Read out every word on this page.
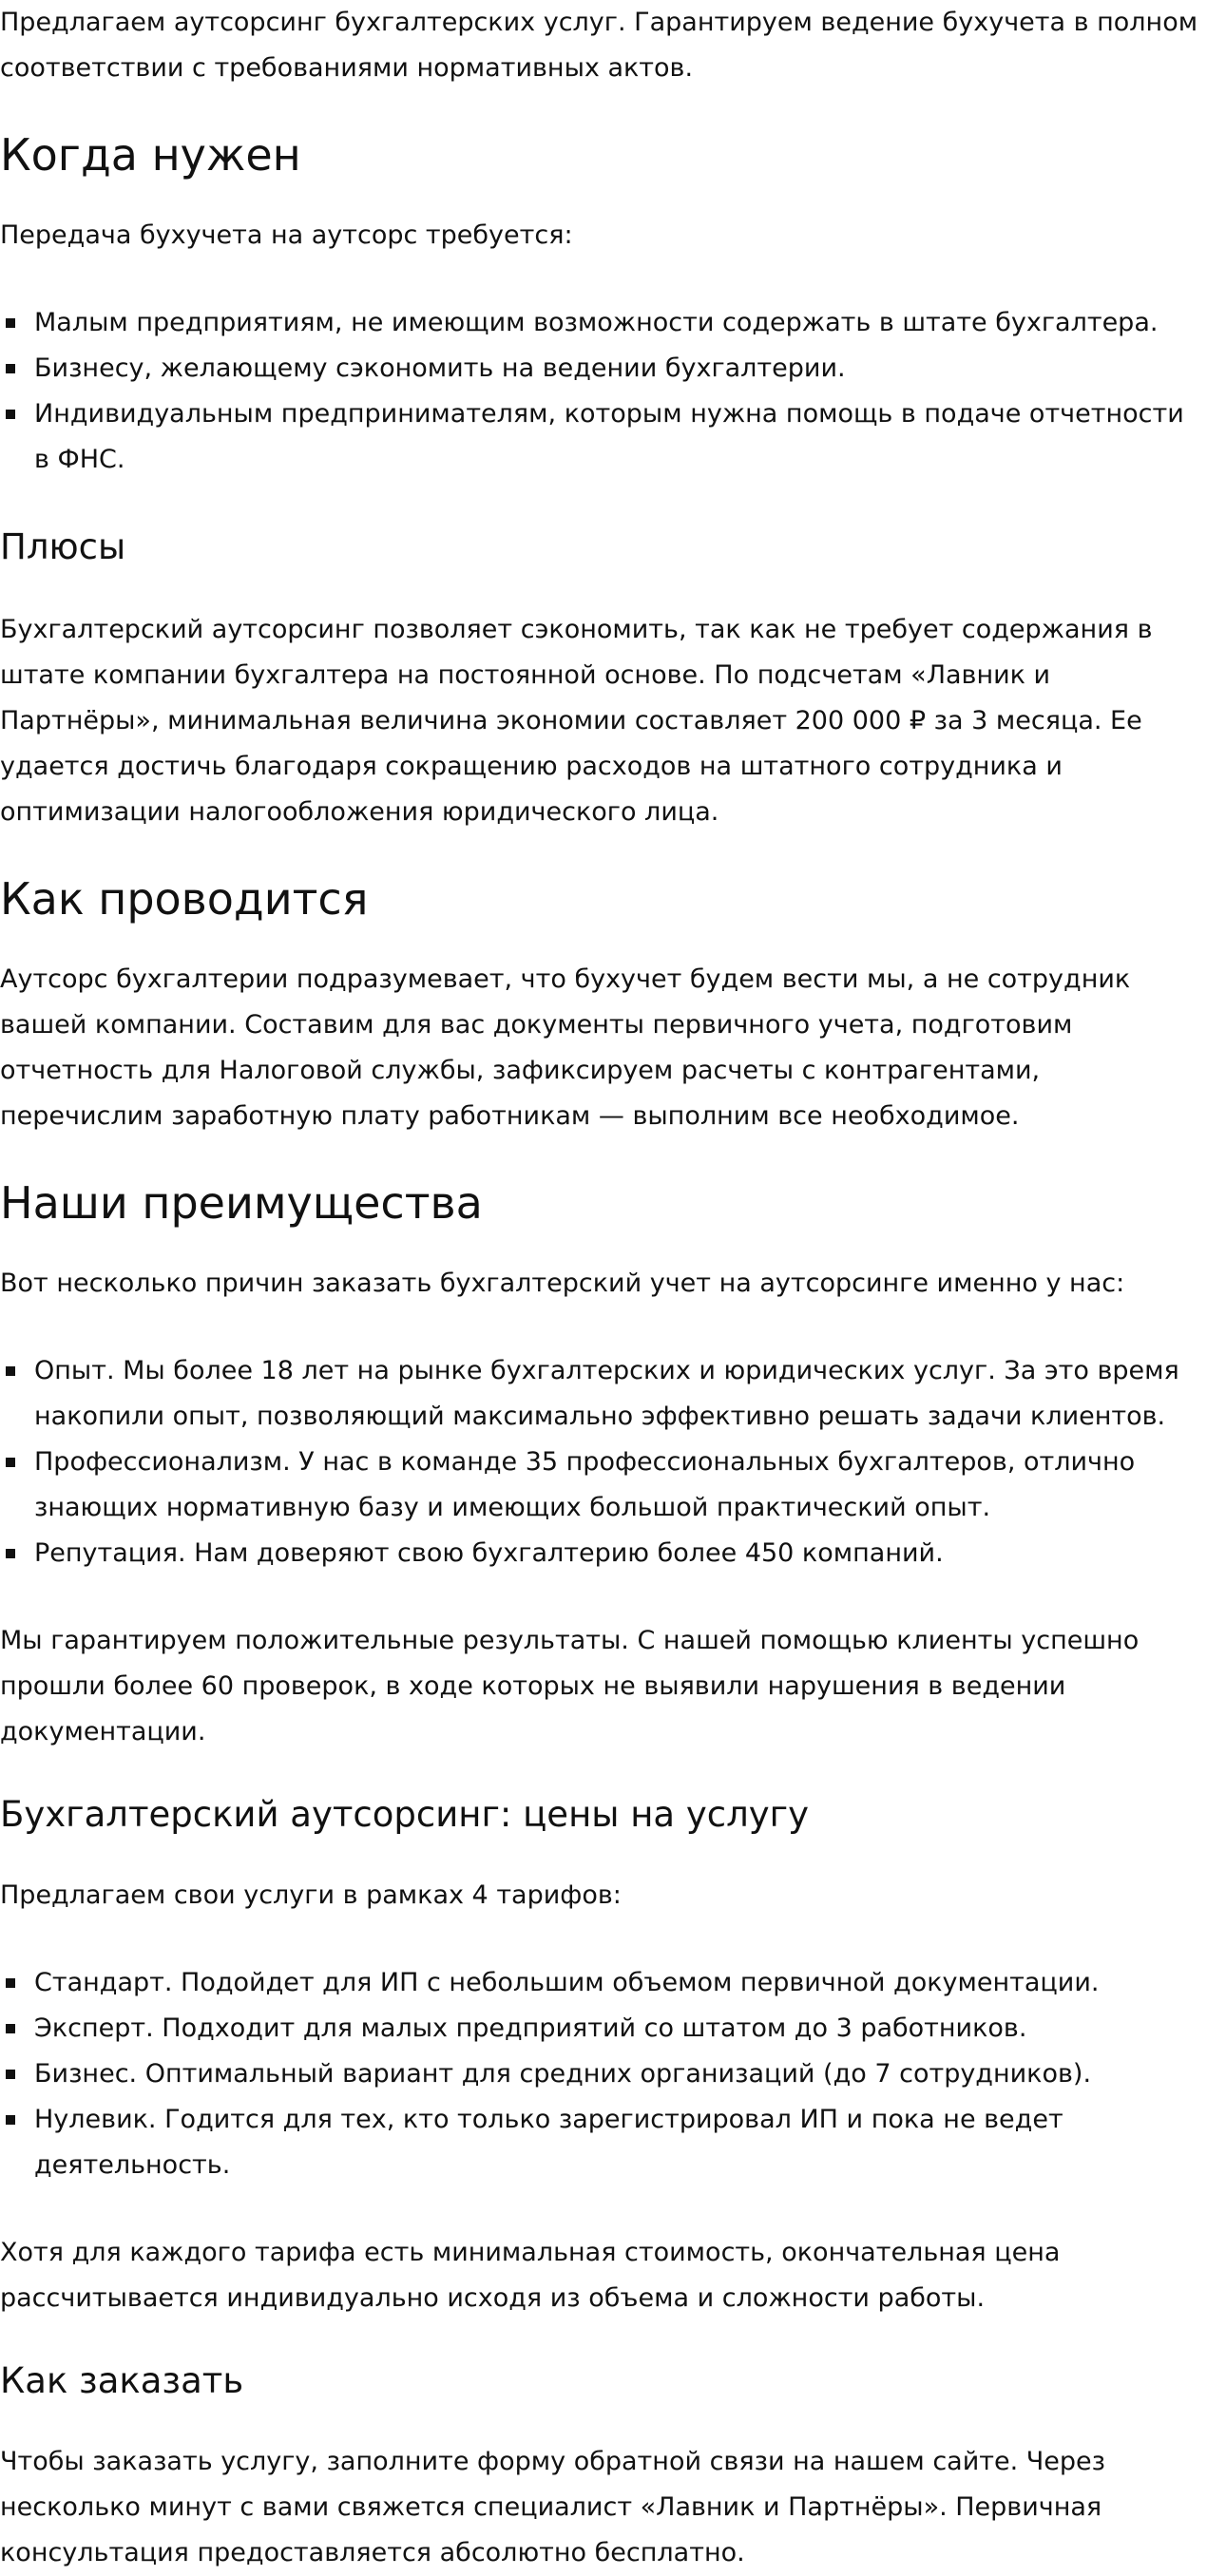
Предлагаем аутсорсинг бухгалтерских услуг. Гарантируем ведение бухучета в полном соответствии с требованиями нормативных актов.

Когда нужен

Передача бухучета на аутсорс требуется:

Малым предприятиям, не имеющим возможности содержать в штате бухгалтера.
Бизнесу, желающему сэкономить на ведении бухгалтерии.
Индивидуальным предпринимателям, которым нужна помощь в подаче отчетности в ФНС.
Плюсы

Бухгалтерский аутсорсинг позволяет сэкономить, так как не требует содержания в штате компании бухгалтера на постоянной основе. По подсчетам «Лавник и Партнёры», минимальная величина экономии составляет 200 000 ₽ за 3 месяца. Ее удается достичь благодаря сокращению расходов на штатного сотрудника и оптимизации налогообложения юридического лица.

Как проводится

Аутсорс бухгалтерии подразумевает, что бухучет будем вести мы, а не сотрудник вашей компании. Составим для вас документы первичного учета, подготовим отчетность для Налоговой службы, зафиксируем расчеты с контрагентами, перечислим заработную плату работникам — выполним все необходимое.

Наши преимущества

Вот несколько причин заказать бухгалтерский учет на аутсорсинге именно у нас:

Опыт. Мы более 18 лет на рынке бухгалтерских и юридических услуг. За это время накопили опыт, позволяющий максимально эффективно решать задачи клиентов.
Профессионализм. У нас в команде 35 профессиональных бухгалтеров, отлично знающих нормативную базу и имеющих большой практический опыт.
Репутация. Нам доверяют свою бухгалтерию более 450 компаний.

Мы гарантируем положительные результаты. С нашей помощью клиенты успешно прошли более 60 проверок, в ходе которых не выявили нарушения в ведении документации.

Бухгалтерский аутсорсинг: цены на услугу

Предлагаем свои услуги в рамках 4 тарифов:

Стандарт. Подойдет для ИП с небольшим объемом первичной документации.
Эксперт. Подходит для малых предприятий со штатом до 3 работников.
Бизнес. Оптимальный вариант для средних организаций (до 7 сотрудников).
Нулевик. Годится для тех, кто только зарегистрировал ИП и пока не ведет деятельность.

Хотя для каждого тарифа есть минимальная стоимость, окончательная цена рассчитывается индивидуально исходя из объема и сложности работы.

Как заказать

Чтобы заказать услугу, заполните форму обратной связи на нашем сайте. Через несколько минут с вами свяжется специалист «Лавник и Партнёры». Первичная консультация предоставляется абсолютно бесплатно.
